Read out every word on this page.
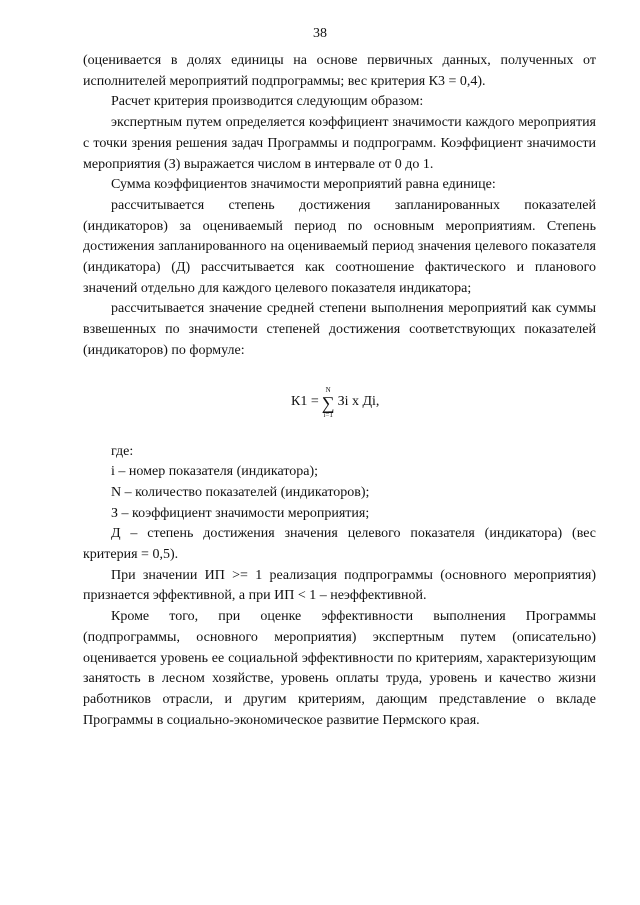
38

(оценивается в долях единицы на основе первичных данных, полученных от исполнителей мероприятий подпрограммы; вес критерия К3 = 0,4).

Расчет критерия производится следующим образом:

экспертным путем определяется коэффициент значимости каждого мероприятия с точки зрения решения задач Программы и подпрограмм. Коэффициент значимости мероприятия (З) выражается числом в интервале от 0 до 1.

Сумма коэффициентов значимости мероприятий равна единице:

рассчитывается степень достижения запланированных показателей (индикаторов) за оцениваемый период по основным мероприятиям. Степень достижения запланированного на оцениваемый период значения целевого показателя (индикатора) (Д) рассчитывается как соотношение фактического и планового значений отдельно для каждого целевого показателя индикатора;

рассчитывается значение средней степени выполнения мероприятий как суммы взвешенных по значимости степеней достижения соответствующих показателей (индикаторов) по формуле:

К1 =
N
∑
i=1
Зi х Дi,

где:

i – номер показателя (индикатора);

N – количество показателей (индикаторов);

З – коэффициент значимости мероприятия;

Д – степень достижения значения целевого показателя (индикатора) (вес критерия = 0,5).

При значении ИП >= 1 реализация подпрограммы (основного мероприятия) признается эффективной, а при ИП < 1 – неэффективной.

Кроме того, при оценке эффективности выполнения Программы (подпрограммы, основного мероприятия) экспертным путем (описательно) оценивается уровень ее социальной эффективности по критериям, характеризующим занятость в лесном хозяйстве, уровень оплаты труда, уровень и качество жизни работников отрасли, и другим критериям, дающим представление о вкладе Программы в социально-экономическое развитие Пермского края.
